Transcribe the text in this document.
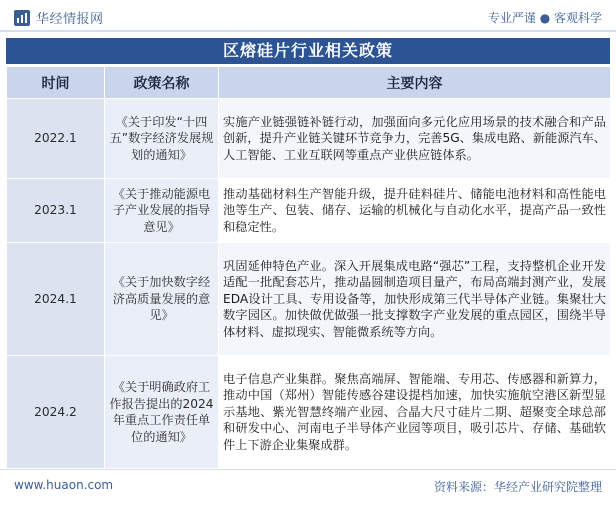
华经情报网	专业严谨 ● 客观科学
区熔硅片行业相关政策
时间	政策名称	主要内容
2022.1	《关于印发“十四五”数字经济发展规划的通知》	实施产业链强链补链行动，加强面向多元化应用场景的技术融合和产品创新，提升产业链关键环节竞争力，完善5G、集成电路、新能源汽车、人工智能、工业互联网等重点产业供应链体系。
2023.1	《关于推动能源电子产业发展的指导意见》	推动基础材料生产智能升级，提升硅料硅片、储能电池材料和高性能电池等生产、包装、储存、运输的机械化与自动化水平，提高产品一致性和稳定性。
2024.1	《关于加快数字经济高质量发展的意见》	巩固延伸特色产业。深入开展集成电路“强芯”工程，支持整机企业开发适配一批配套芯片，推动晶圆制造项目量产，布局高端封测产业，发展EDA设计工具、专用设备等，加快形成第三代半导体产业链。集聚壮大数字园区。加快做优做强一批支撑数字产业发展的重点园区，围绕半导体材料、虚拟现实、智能微系统等方向。
2024.2	《关于明确政府工作报告提出的2024年重点工作责任单位的通知》	电子信息产业集群。聚焦高端屏、智能端、专用芯、传感器和新算力，推动中国（郑州）智能传感谷建设提档加速，加快实施航空港区新型显示基地、紫光智慧终端产业园、合晶大尺寸硅片二期、超聚变全球总部和研发中心、河南电子半导体产业园等项目，吸引芯片、存储、基础软件上下游企业集聚成群。
www.huaon.com	资料来源：华经产业研究院整理
